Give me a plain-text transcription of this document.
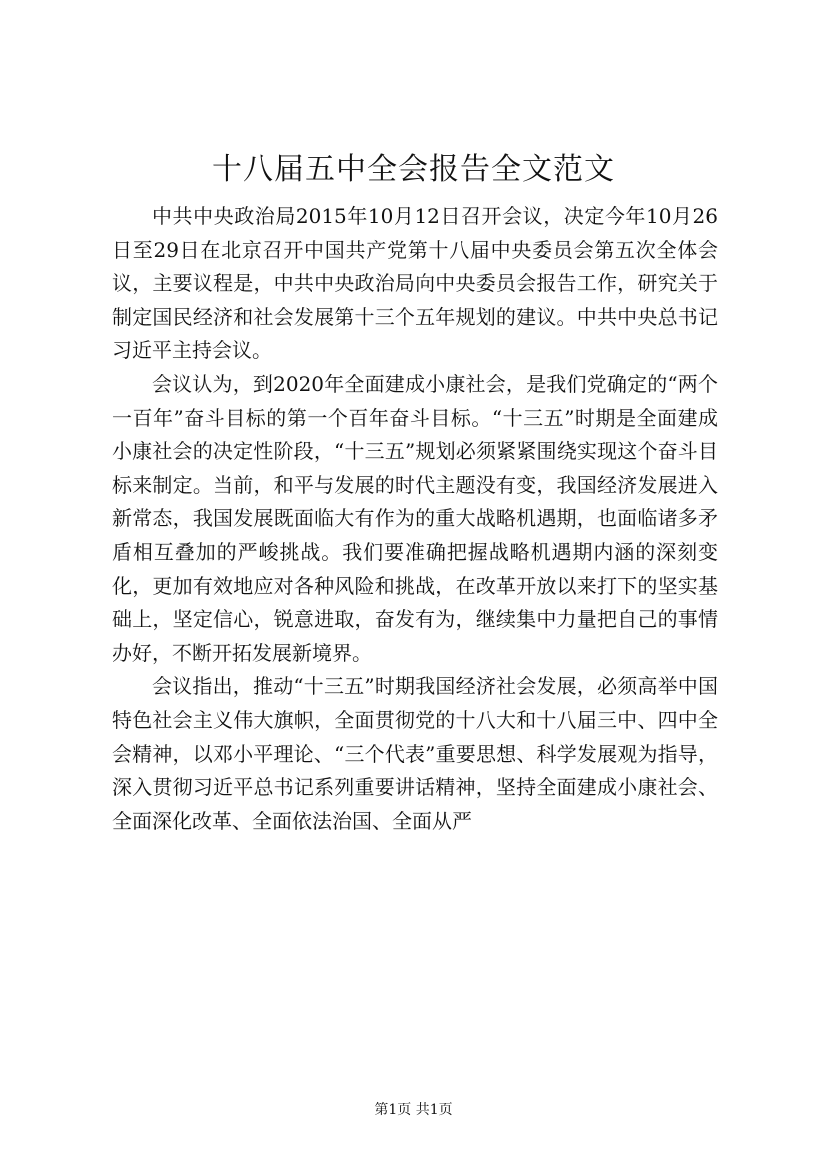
十八届五中全会报告全文范文

中共中央政治局2015年10月12日召开会议，决定今年10月26日至29日在北京召开中国共产党第十八届中央委员会第五次全体会议，主要议程是，中共中央政治局向中央委员会报告工作，研究关于制定国民经济和社会发展第十三个五年规划的建议。中共中央总书记习近平主持会议。

会议认为，到2020年全面建成小康社会，是我们党确定的“两个一百年”奋斗目标的第一个百年奋斗目标。“十三五”时期是全面建成小康社会的决定性阶段，“十三五”规划必须紧紧围绕实现这个奋斗目标来制定。当前，和平与发展的时代主题没有变，我国经济发展进入新常态，我国发展既面临大有作为的重大战略机遇期，也面临诸多矛盾相互叠加的严峻挑战。我们要准确把握战略机遇期内涵的深刻变化，更加有效地应对各种风险和挑战，在改革开放以来打下的坚实基础上，坚定信心，锐意进取，奋发有为，继续集中力量把自己的事情办好，不断开拓发展新境界。

会议指出，推动“十三五”时期我国经济社会发展，必须高举中国特色社会主义伟大旗帜，全面贯彻党的十八大和十八届三中、四中全会精神，以邓小平理论、“三个代表”重要思想、科学发展观为指导，深入贯彻习近平总书记系列重要讲话精神，坚持全面建成小康社会、全面深化改革、全面依法治国、全面从严

第1页 共1页
